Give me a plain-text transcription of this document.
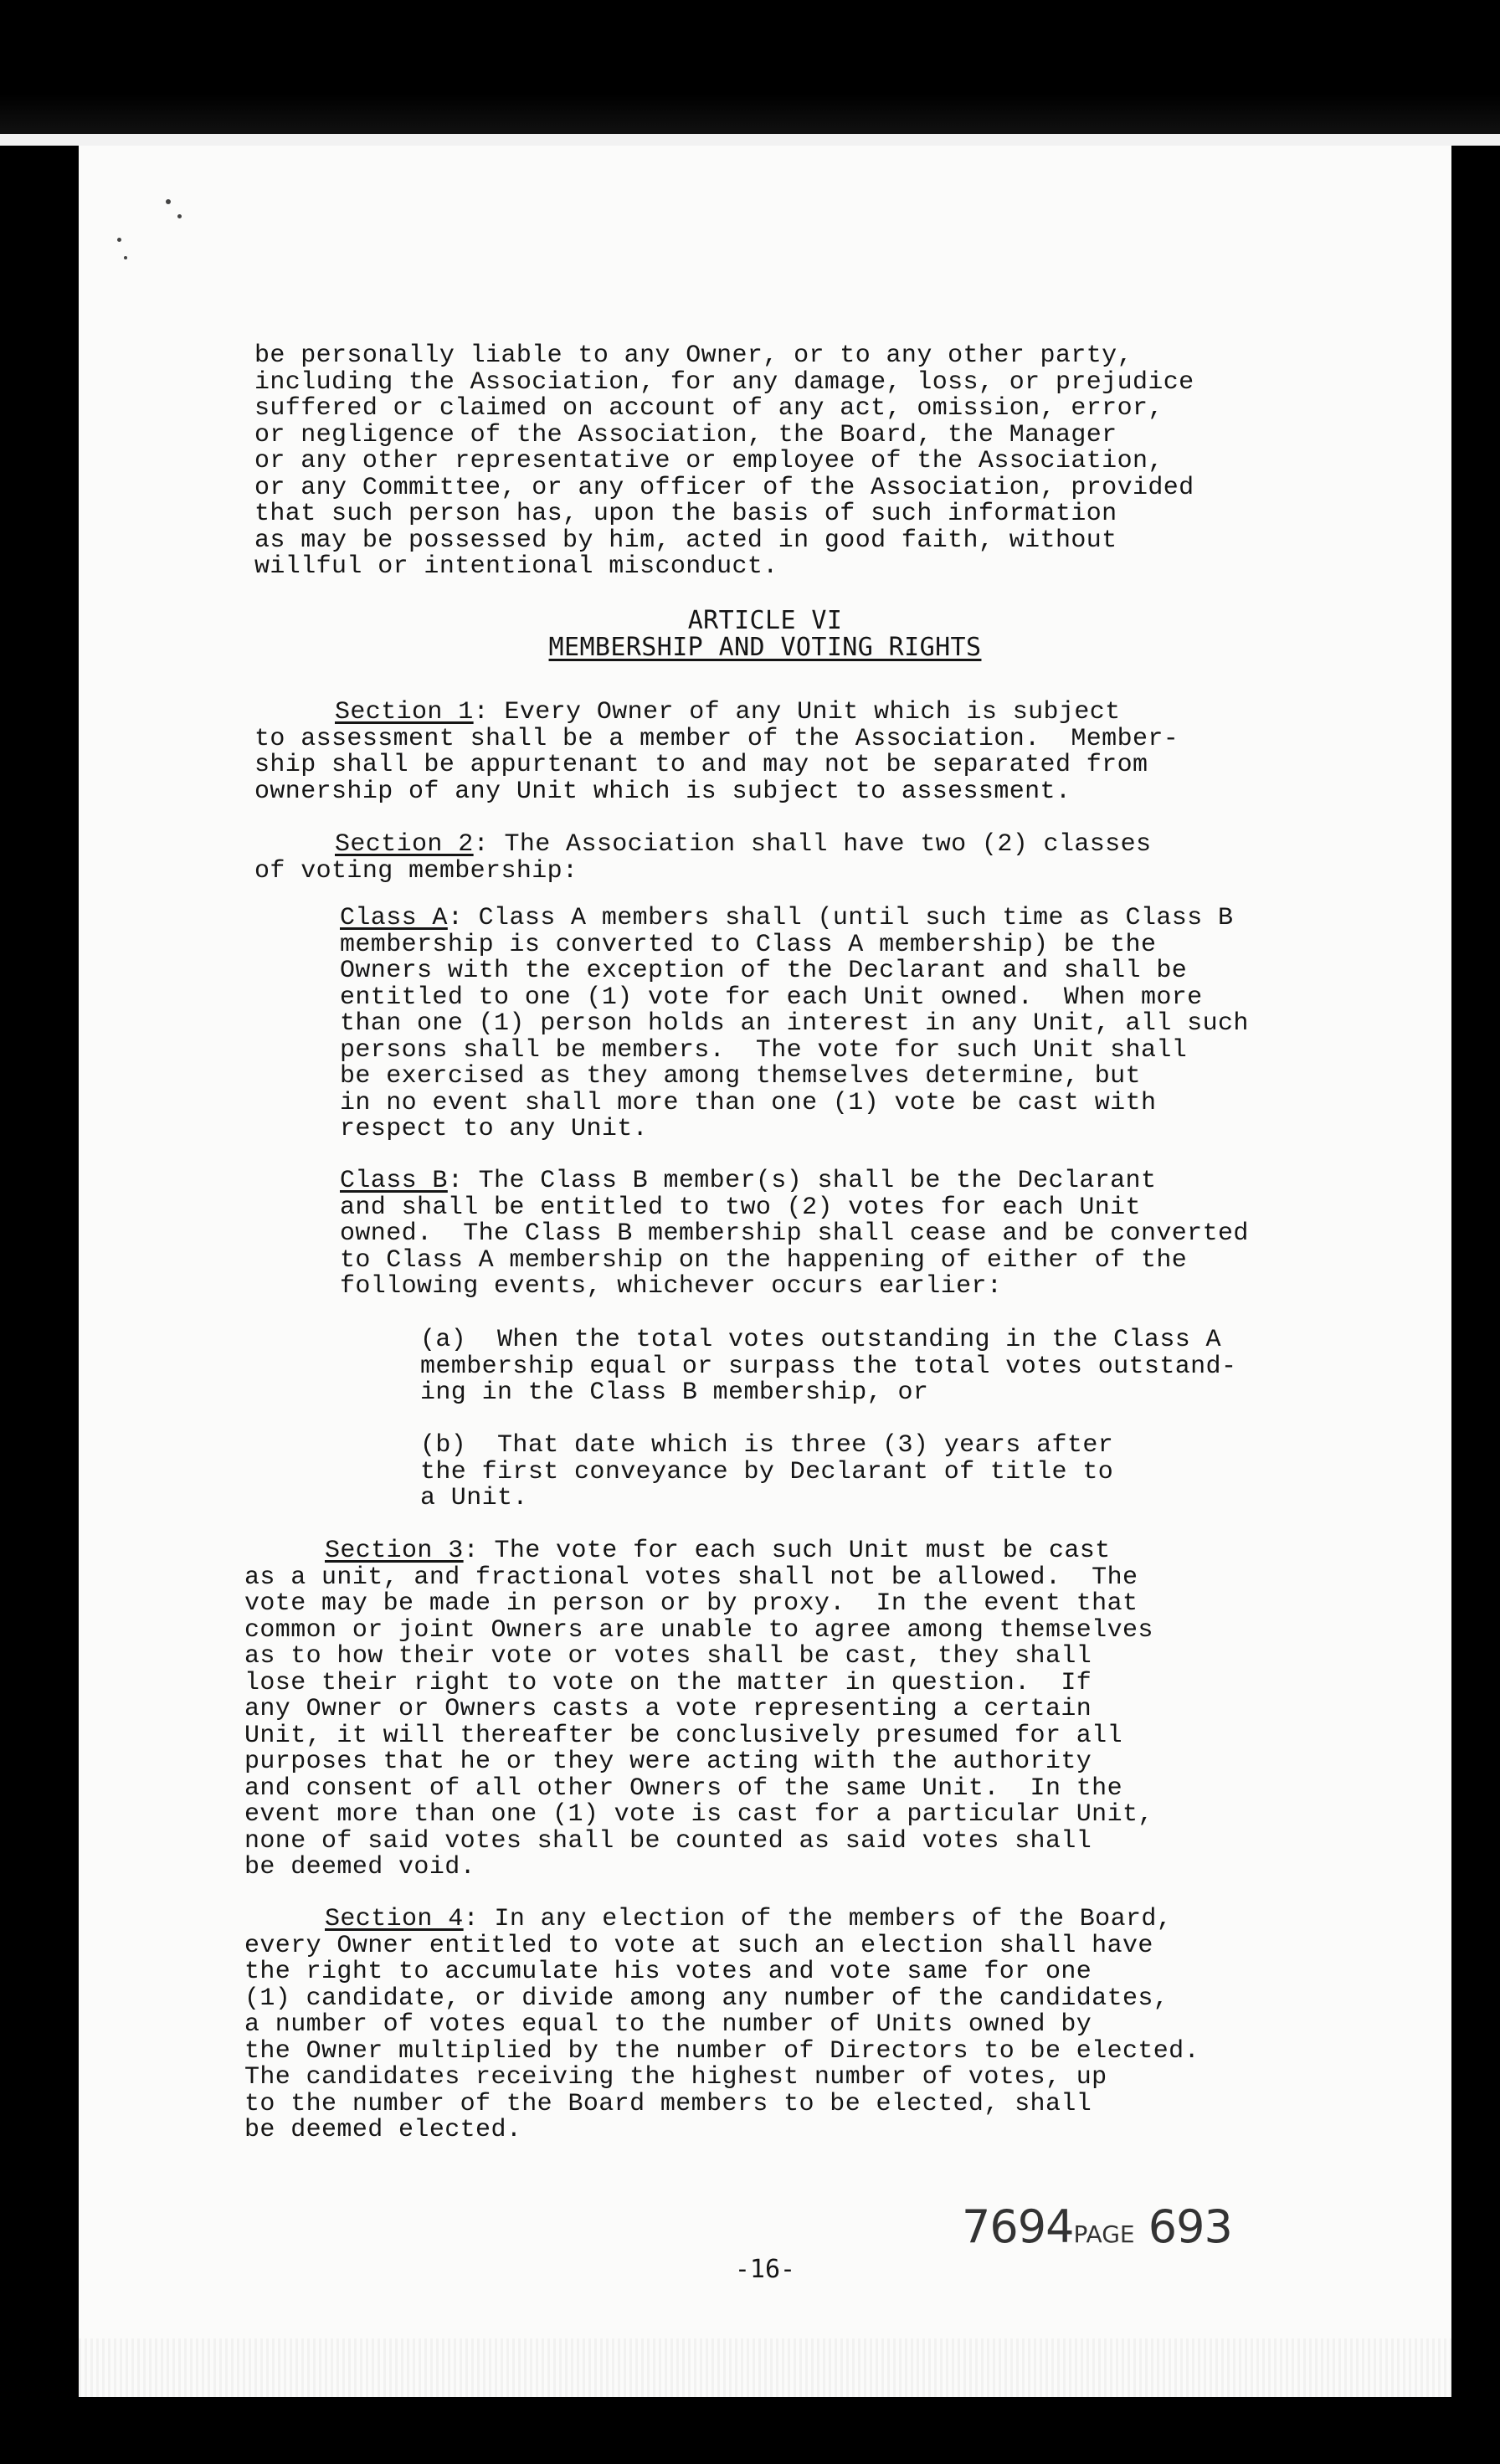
be personally liable to any Owner, or to any other party,
including the Association, for any damage, loss, or prejudice
suffered or claimed on account of any act, omission, error,
or negligence of the Association, the Board, the Manager
or any other representative or employee of the Association,
or any Committee, or any officer of the Association, provided
that such person has, upon the basis of such information
as may be possessed by him, acted in good faith, without
willful or intentional misconduct.
ARTICLE VI
MEMBERSHIP AND VOTING RIGHTS
Section 1: Every Owner of any Unit which is subject
to assessment shall be a member of the Association.  Member-
ship shall be appurtenant to and may not be separated from
ownership of any Unit which is subject to assessment.
Section 2: The Association shall have two (2) classes
of voting membership:
Class A: Class A members shall (until such time as Class B
membership is converted to Class A membership) be the
Owners with the exception of the Declarant and shall be
entitled to one (1) vote for each Unit owned.  When more
than one (1) person holds an interest in any Unit, all such
persons shall be members.  The vote for such Unit shall
be exercised as they among themselves determine, but
in no event shall more than one (1) vote be cast with
respect to any Unit.
Class B: The Class B member(s) shall be the Declarant
and shall be entitled to two (2) votes for each Unit
owned.  The Class B membership shall cease and be converted
to Class A membership on the happening of either of the
following events, whichever occurs earlier:
(a)  When the total votes outstanding in the Class A
membership equal or surpass the total votes outstand-
ing in the Class B membership, or
(b)  That date which is three (3) years after
the first conveyance by Declarant of title to
a Unit.
Section 3: The vote for each such Unit must be cast
as a unit, and fractional votes shall not be allowed.  The
vote may be made in person or by proxy.  In the event that
common or joint Owners are unable to agree among themselves
as to how their vote or votes shall be cast, they shall
lose their right to vote on the matter in question.  If
any Owner or Owners casts a vote representing a certain
Unit, it will thereafter be conclusively presumed for all
purposes that he or they were acting with the authority
and consent of all other Owners of the same Unit.  In the
event more than one (1) vote is cast for a particular Unit,
none of said votes shall be counted as said votes shall
be deemed void.
Section 4: In any election of the members of the Board,
every Owner entitled to vote at such an election shall have
the right to accumulate his votes and vote same for one
(1) candidate, or divide among any number of the candidates,
a number of votes equal to the number of Units owned by
the Owner multiplied by the number of Directors to be elected.
The candidates receiving the highest number of votes, up
to the number of the Board members to be elected, shall
be deemed elected.
7694PAGE 693
-16-
